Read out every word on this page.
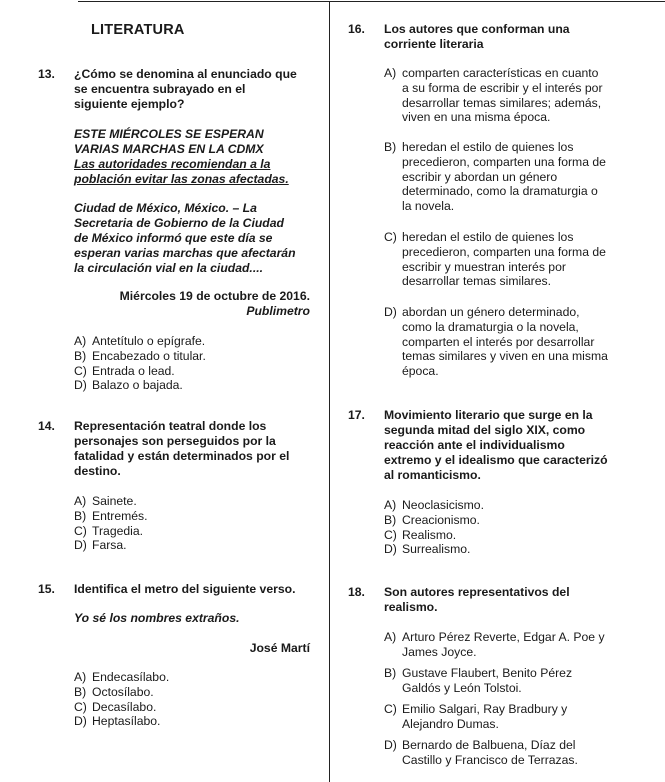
LITERATURA
13.	¿Cómo se denomina al enunciado que
se encuentra subrayado en el
siguiente ejemplo?
ESTE MIÉRCOLES SE ESPERAN
VARIAS MARCHAS EN LA CDMX
Las autoridades recomiendan a la
población evitar las zonas afectadas.
Ciudad de México, México. – La
Secretaria de Gobierno de la Ciudad
de México informó que este día se
esperan varias marchas que afectarán
la circulación vial en la ciudad....
Miércoles 19 de octubre de 2016.
Publimetro
A) Antetítulo o epígrafe.
B) Encabezado o titular.
C) Entrada o lead.
D) Balazo o bajada.
14.	Representación teatral donde los
personajes son perseguidos por la
fatalidad y están determinados por el
destino.
A) Sainete.
B) Entremés.
C) Tragedia.
D) Farsa.
15.	Identifica el metro del siguiente verso.
Yo sé los nombres extraños.
José Martí
A) Endecasílabo.
B) Octosílabo.
C) Decasílabo.
D) Heptasílabo.
16.	Los autores que conforman una
corriente literaria
A) comparten características en cuanto
a su forma de escribir y el interés por
desarrollar temas similares; además,
viven en una misma época.
B) heredan el estilo de quienes los
precedieron, comparten una forma de
escribir y abordan un género
determinado, como la dramaturgia o
la novela.
C) heredan el estilo de quienes los
precedieron, comparten una forma de
escribir y muestran interés por
desarrollar temas similares.
D) abordan un género determinado,
como la dramaturgia o la novela,
comparten el interés por desarrollar
temas similares y viven en una misma
época.
17.	Movimiento literario que surge en la
segunda mitad del siglo XIX, como
reacción ante el individualismo
extremo y el idealismo que caracterizó
al romanticismo.
A) Neoclasicismo.
B) Creacionismo.
C) Realismo.
D) Surrealismo.
18.	Son autores representativos del
realismo.
A) Arturo Pérez Reverte, Edgar A. Poe y
James Joyce.
B) Gustave Flaubert, Benito Pérez
Galdós y León Tolstoi.
C) Emilio Salgari, Ray Bradbury y
Alejandro Dumas.
D) Bernardo de Balbuena, Díaz del
Castillo y Francisco de Terrazas.
